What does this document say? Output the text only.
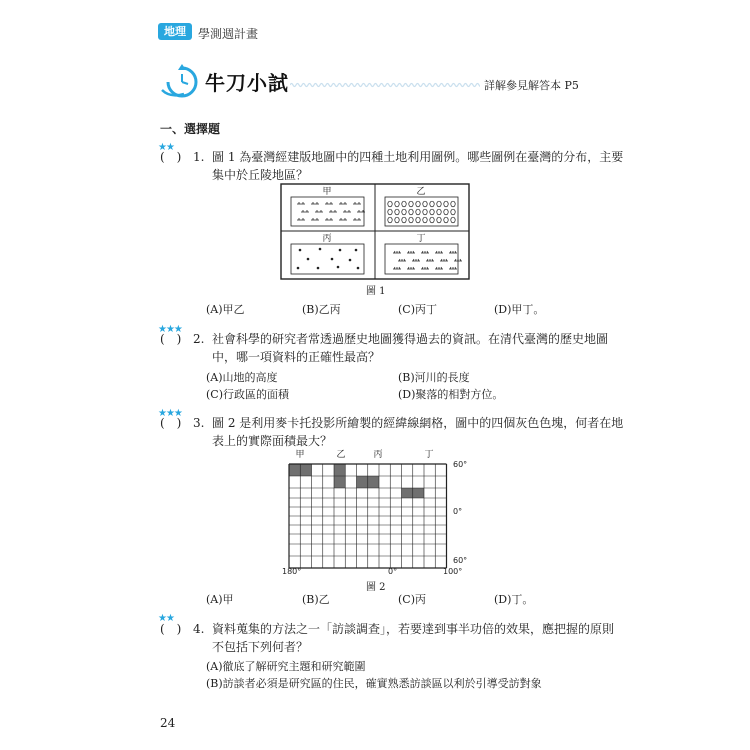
地理	學測週計畫
牛刀小試	詳解參見解答本 P5
一、選擇題
★★
(　) 1. 圖 1 為臺灣經建版地圖中的四種土地利用圖例。哪些圖例在臺灣的分布，主要
集中於丘陵地區？
甲	乙
丙	丁
圖 1
(A)甲乙	(B)乙丙	(C)丙丁	(D)甲丁。
★★★
(　) 2. 社會科學的研究者常透過歷史地圖獲得過去的資訊。在清代臺灣的歷史地圖
中，哪一項資料的正確性最高？
(A)山地的高度	(B)河川的長度
(C)行政區的面積	(D)聚落的相對方位。
★★★
(　) 3. 圖 2 是利用麥卡托投影所繪製的經緯線網格，圖中的四個灰色色塊，何者在地
表上的實際面積最大？
甲	乙	丙	丁
60°
0°
60°
180°	0°	100°
圖 2
(A)甲	(B)乙	(C)丙	(D)丁。
★★
(　) 4. 資料蒐集的方法之一「訪談調查」，若要達到事半功倍的效果，應把握的原則
不包括下列何者？
(A)徹底了解研究主題和研究範圍
(B)訪談者必須是研究區的住民，確實熟悉訪談區以利於引導受訪對象
24
